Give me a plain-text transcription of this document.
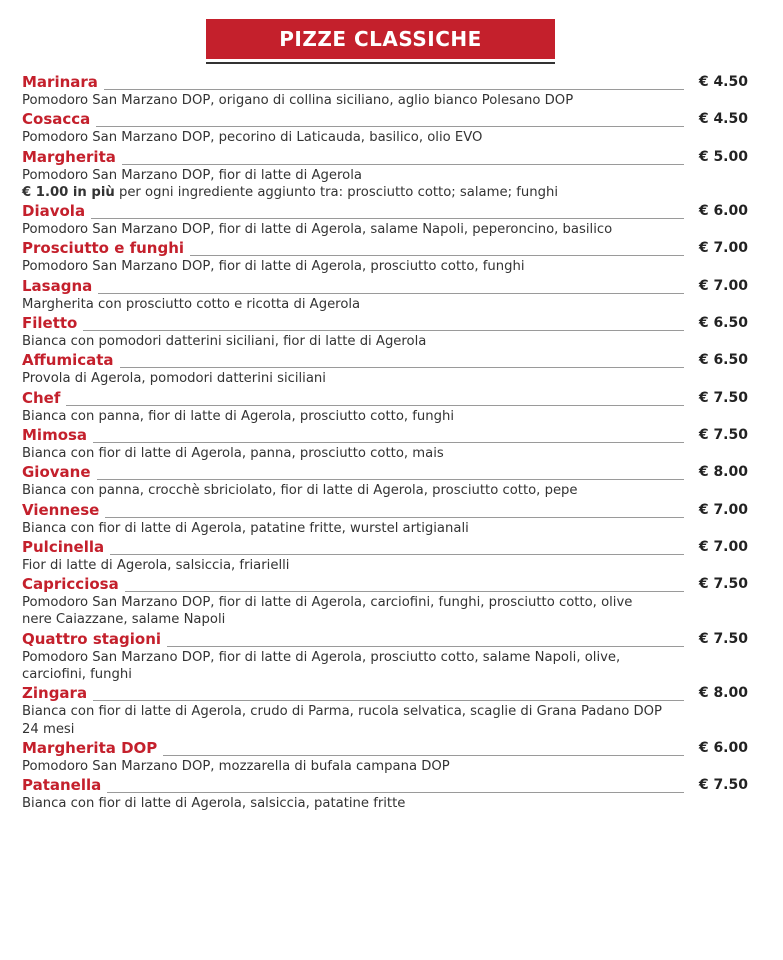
PIZZE CLASSICHE
Marinara	€ 4.50
Pomodoro San Marzano DOP, origano di collina siciliano, aglio bianco Polesano DOP
Cosacca	€ 4.50
Pomodoro San Marzano DOP, pecorino di Laticauda, basilico, olio EVO
Margherita	€ 5.00
Pomodoro San Marzano DOP, fior di latte di Agerola
€ 1.00 in più per ogni ingrediente aggiunto tra: prosciutto cotto; salame; funghi
Diavola	€ 6.00
Pomodoro San Marzano DOP, fior di latte di Agerola, salame Napoli, peperoncino, basilico
Prosciutto e funghi	€ 7.00
Pomodoro San Marzano DOP, fior di latte di Agerola, prosciutto cotto, funghi
Lasagna	€ 7.00
Margherita con prosciutto cotto e ricotta di Agerola
Filetto	€ 6.50
Bianca con pomodori datterini siciliani, fior di latte di Agerola
Affumicata	€ 6.50
Provola di Agerola, pomodori datterini siciliani
Chef	€ 7.50
Bianca con panna, fior di latte di Agerola, prosciutto cotto, funghi
Mimosa	€ 7.50
Bianca con fior di latte di Agerola, panna, prosciutto cotto, mais
Giovane	€ 8.00
Bianca con panna, crocchè sbriciolato, fior di latte di Agerola, prosciutto cotto, pepe
Viennese	€ 7.00
Bianca con fior di latte di Agerola, patatine fritte, wurstel artigianali
Pulcinella	€ 7.00
Fior di latte di Agerola, salsiccia, friarielli
Capricciosa	€ 7.50
Pomodoro San Marzano DOP, fior di latte di Agerola, carciofini, funghi, prosciutto cotto, olive nere Caiazzane, salame Napoli
Quattro stagioni	€ 7.50
Pomodoro San Marzano DOP, fior di latte di Agerola, prosciutto cotto, salame Napoli, olive, carciofini, funghi
Zingara	€ 8.00
Bianca con fior di latte di Agerola, crudo di Parma, rucola selvatica, scaglie di Grana Padano DOP 24 mesi
Margherita DOP	€ 6.00
Pomodoro San Marzano DOP, mozzarella di bufala campana DOP
Patanella	€ 7.50
Bianca con fior di latte di Agerola, salsiccia, patatine fritte
